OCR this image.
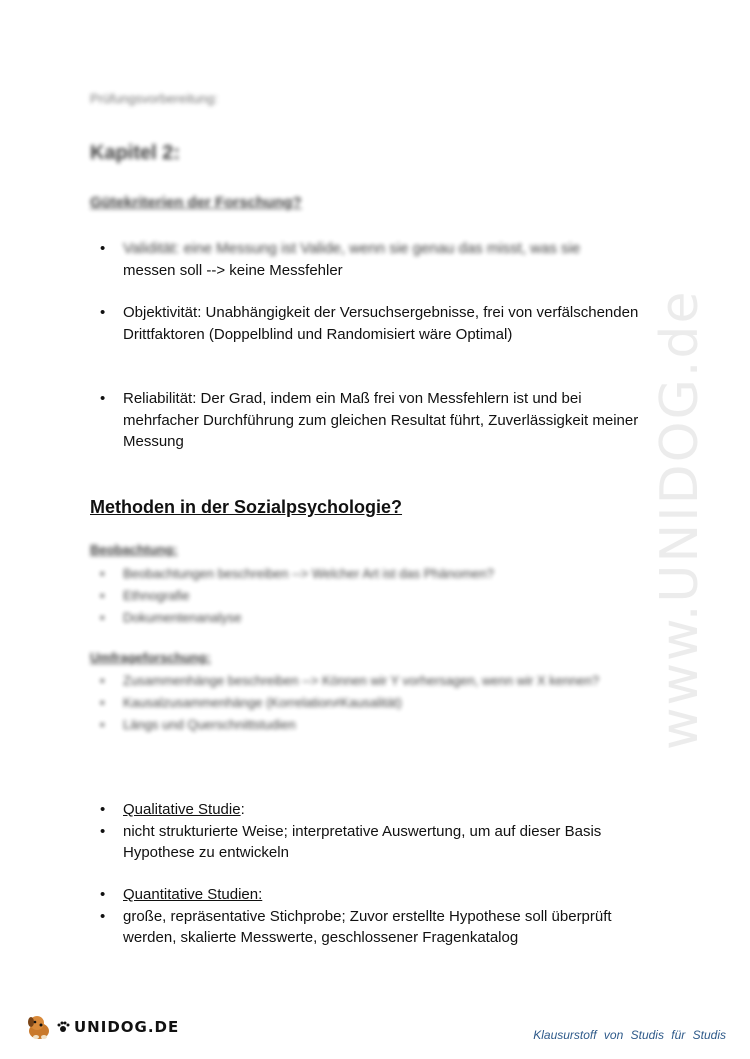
www.UNIDOG.de
Prüfungsvorbereitung:
Kapitel 2:
Gütekriterien der Forschung?
• Validität: eine Messung ist Valide, wenn sie genau das misst, was sie
messen soll --> keine Messfehler
• Objektivität: Unabhängigkeit der Versuchsergebnisse, frei von verfälschenden Drittfaktoren (Doppelblind und Randomisiert wäre Optimal)
• Reliabilität: Der Grad, indem ein Maß frei von Messfehlern ist und bei mehrfacher Durchführung zum gleichen Resultat führt, Zuverlässigkeit meiner Messung
Methoden in der Sozialpsychologie?
Beobachtung:
• Beobachtungen beschreiben --> Welcher Art ist das Phänomen?
• Ethnografie
• Dokumentenanalyse
Umfrageforschung:
• Zusammenhänge beschreiben --> Können wir Y vorhersagen, wenn wir X kennen?
• Kausalzusammenhänge (Korrelation≠Kausalität)
• Längs und Querschnittstudien
• Qualitative Studie:
• nicht strukturierte Weise; interpretative Auswertung, um auf dieser Basis Hypothese zu entwickeln
• Quantitative Studien:
• große, repräsentative Stichprobe; Zuvor erstellte Hypothese soll überprüft werden, skalierte Messwerte, geschlossener Fragenkatalog
UNIDOG.DE	Klausurstoff von Studis für Studis
